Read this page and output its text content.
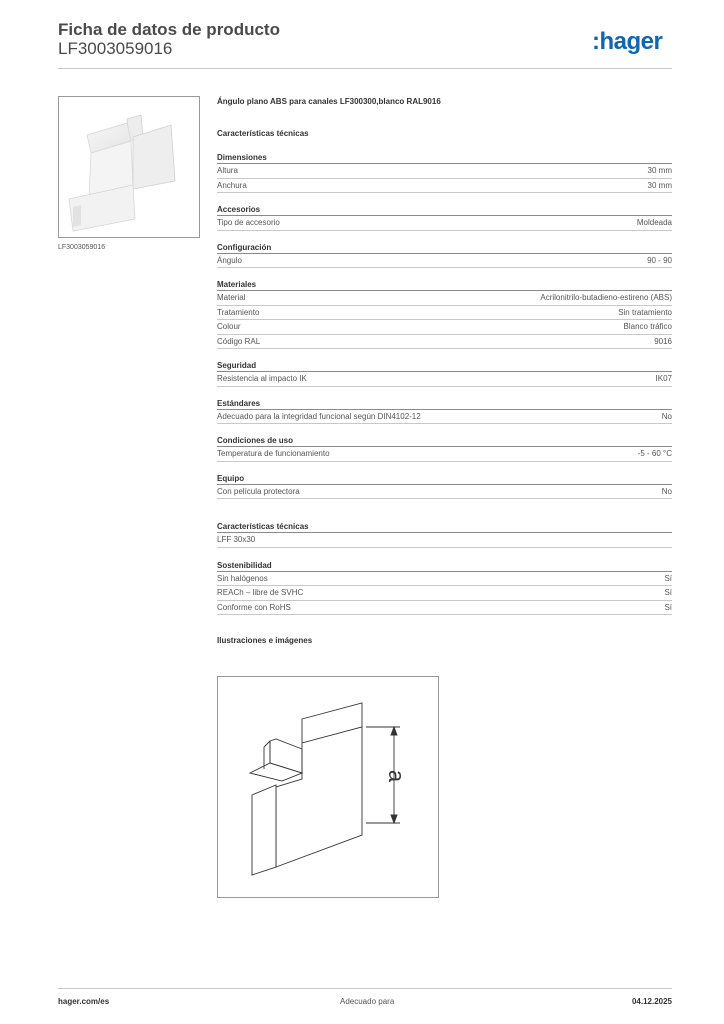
Ficha de datos de producto
LF3003059016	:hager
LF3003059016
Ángulo plano ABS para canales LF300300,blanco RAL9016
Características técnicas
Dimensiones
Altura	30 mm
Anchura	30 mm
Accesorios
Tipo de accesorio	Moldeada
Configuración
Ángulo	90 - 90
Materiales
Material	Acrilonitrilo-butadieno-estireno (ABS)
Tratamiento	Sin tratamiento
Colour	Blanco tráfico
Código RAL	9016
Seguridad
Resistencia al impacto IK	IK07
Estándares
Adecuado para la integridad funcional según DIN4102-12	No
Condiciones de uso
Temperatura de funcionamiento	-5 - 60 °C
Equipo
Con película protectora	No
Características técnicas
LFF 30x30
Sostenibilidad
Sin halógenos	Sí
REACh – libre de SVHC	Sí
Conforme con RoHS	Sí
Ilustraciones e imágenes
a
hager.com/es	Adecuado para	04.12.2025
